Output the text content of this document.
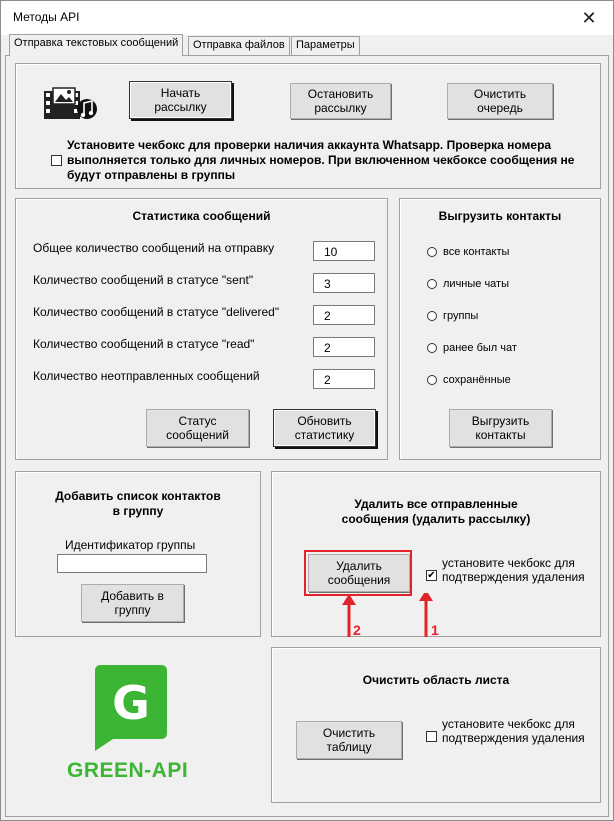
Методы API	✕
Отправка текстовых сообщений	Отправка файлов	Параметры
Начать рассылку
Остановить рассылку
Очистить очередь
Установите чекбокс для проверки наличия аккаунта Whatsapp. Проверка номера выполняется только для личных номеров. При включенном чекбоксе сообщения не будут отправлены в группы
Статистика сообщений
Общее количество сообщений на отправку	10
Количество сообщений в статусе "sent"	3
Количество сообщений в статусе "delivered"	2
Количество сообщений в статусе "read"	2
Количество неотправленных сообщений	2
Статус сообщений
Обновить статистику
Выгрузить контакты
все контакты
личные чаты
группы
ранее был чат
сохранённые
Выгрузить контакты
Добавить список контактов в группу
Идентификатор группы
Добавить в группу
Удалить все отправленные сообщения (удалить рассылку)
Удалить сообщения	✔
установите чекбокс для подтверждения удаления
2	1
Очистить область листа
Очистить таблицу
установите чекбокс для подтверждения удаления
G
GREEN-API
